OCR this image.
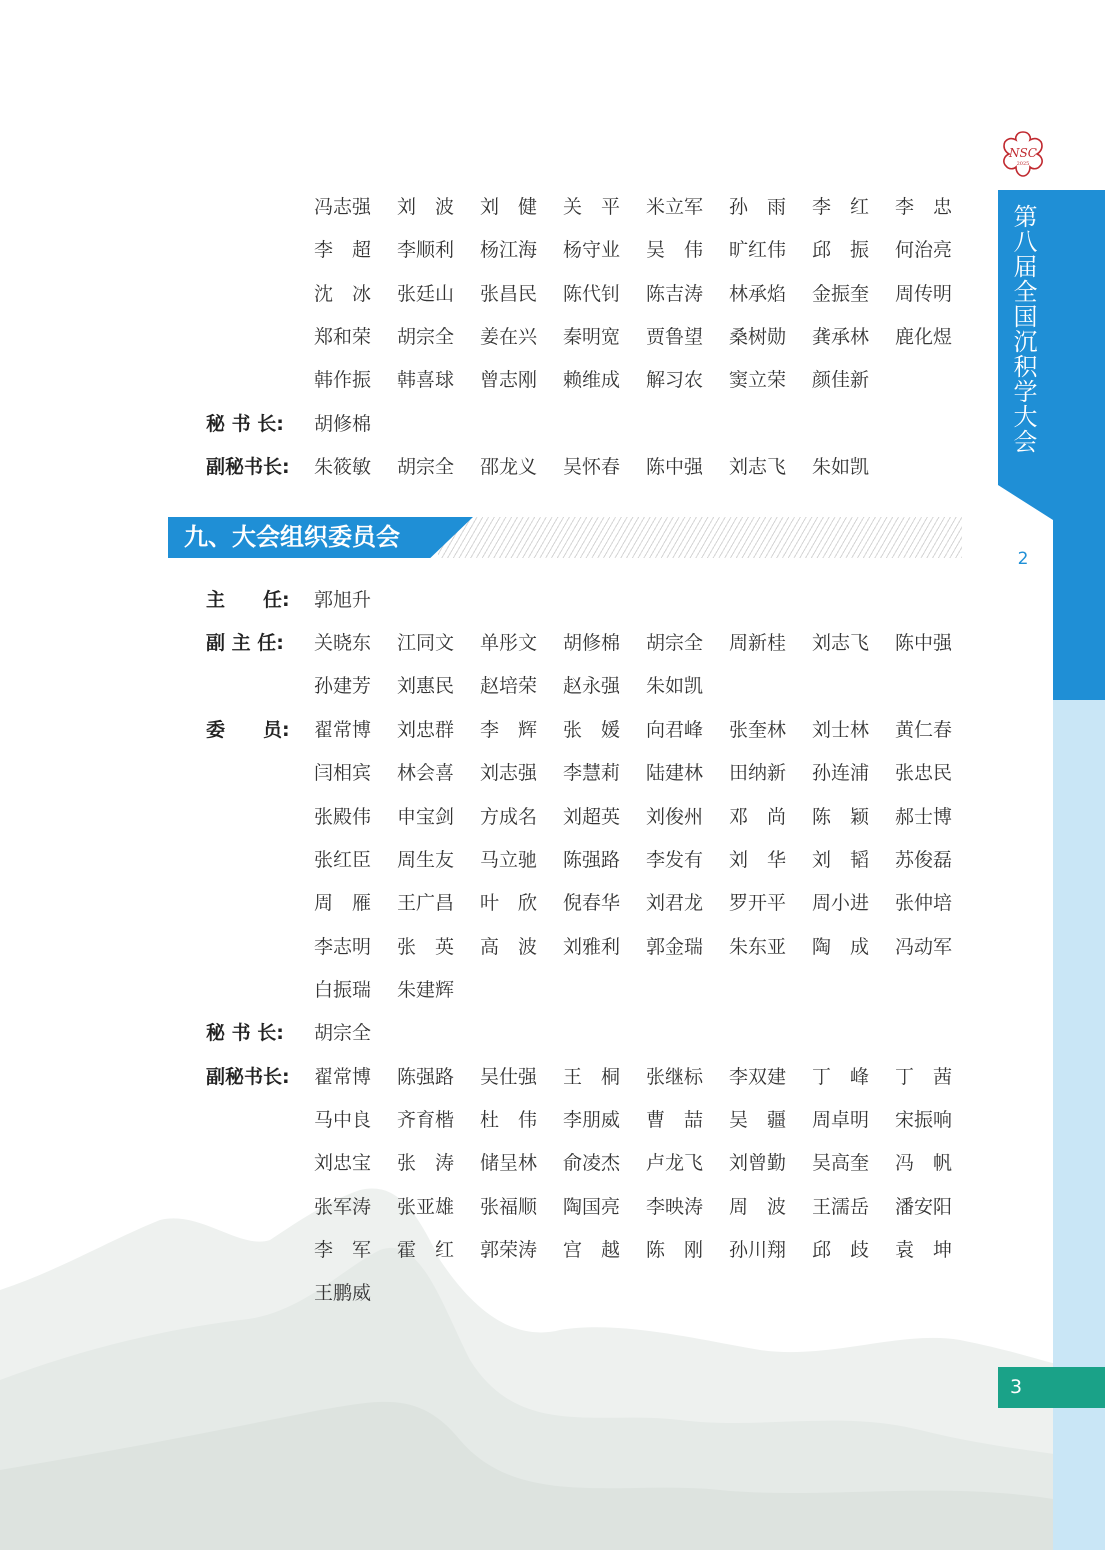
NSC
2025
第八届全国沉积学大会
2
号会议通知
3
冯志强	刘　波	刘　健	关　平	米立军	孙　雨	李　红	李　忠
李　超	李顺利	杨江海	杨守业	吴　伟	旷红伟	邱　振	何治亮
沈　冰	张廷山	张昌民	陈代钊	陈吉涛	林承焰	金振奎	周传明
郑和荣	胡宗全	姜在兴	秦明宽	贾鲁望	桑树勋	龚承林	鹿化煜
韩作振	韩喜球	曾志刚	赖维成	解习农	窦立荣	颜佳新
秘 书 长:	胡修棉
副秘书长:	朱筱敏	胡宗全	邵龙义	吴怀春	陈中强	刘志飞	朱如凯
九、大会组织委员会
主　　任:	郭旭升
副 主 任:	关晓东	江同文	单彤文	胡修棉	胡宗全	周新桂	刘志飞	陈中强
孙建芳	刘惠民	赵培荣	赵永强	朱如凯
委　　员:	翟常博	刘忠群	李　辉	张　媛	向君峰	张奎林	刘士林	黄仁春
闫相宾	林会喜	刘志强	李慧莉	陆建林	田纳新	孙连浦	张忠民
张殿伟	申宝剑	方成名	刘超英	刘俊州	邓　尚	陈　颖	郝士博
张红臣	周生友	马立驰	陈强路	李发有	刘　华	刘　韬	苏俊磊
周　雁	王广昌	叶　欣	倪春华	刘君龙	罗开平	周小进	张仲培
李志明	张　英	高　波	刘雅利	郭金瑞	朱东亚	陶　成	冯动军
白振瑞	朱建辉
秘 书 长:	胡宗全
副秘书长:	翟常博	陈强路	吴仕强	王　桐	张继标	李双建	丁　峰	丁　茜
马中良	齐育楷	杜　伟	李朋威	曹　喆	吴　疆	周卓明	宋振响
刘忠宝	张　涛	储呈林	俞凌杰	卢龙飞	刘曾勤	吴高奎	冯　帆
张军涛	张亚雄	张福顺	陶国亮	李映涛	周　波	王濡岳	潘安阳
李　军	霍　红	郭荣涛	宫　越	陈　刚	孙川翔	邱　歧	袁　坤
王鹏威
